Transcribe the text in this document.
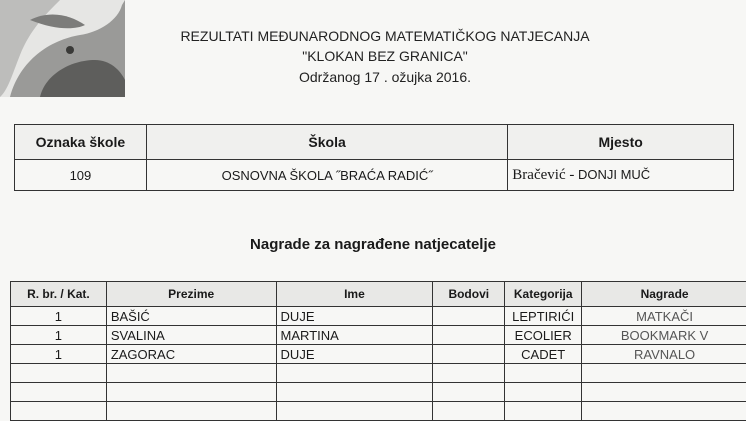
REZULTATI MEĐUNARODNOG MATEMATIČKOG NATJECANJA
"KLOKAN BEZ GRANICA"
Održanog 17 . ožujka 2016.
Oznaka škole	Škola	Mjesto
109	OSNOVNA ŠKOLA ˝BRAĆA RADIĆ˝	Bračević - DONJI MUČ
Nagrade za nagrađene natjecatelje
R. br. / Kat.	Prezime	Ime	Bodovi	Kategorija	Nagrade
1	BAŠIĆ	DUJE		LEPTIRIĆI	MATKAČI
1	SVALINA	MARTINA		ECOLIER	BOOKMARK V
1	ZAGORAC	DUJE		CADET	RAVNALO
